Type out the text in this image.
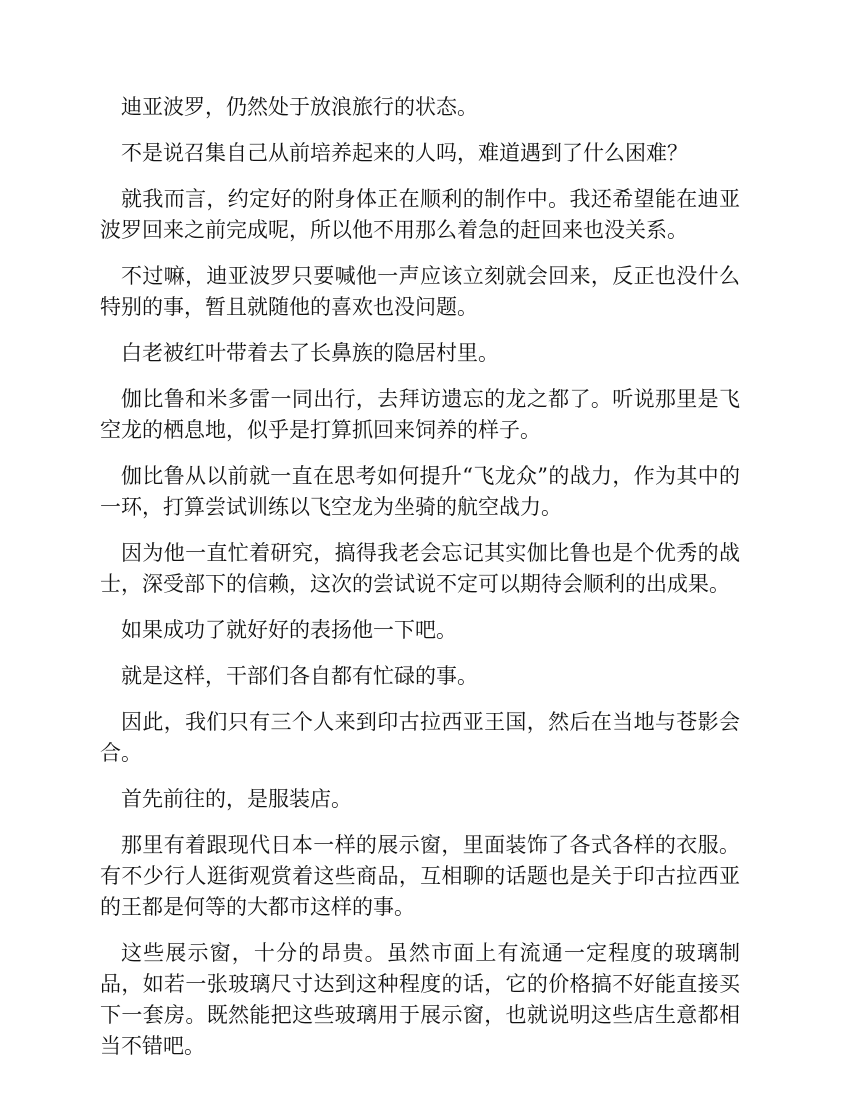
迪亚波罗，仍然处于放浪旅行的状态。

不是说召集自己从前培养起来的人吗，难道遇到了什么困难？

就我而言，约定好的附身体正在顺利的制作中。我还希望能在迪亚波罗回来之前完成呢，所以他不用那么着急的赶回来也没关系。

不过嘛，迪亚波罗只要喊他一声应该立刻就会回来，反正也没什么特别的事，暂且就随他的喜欢也没问题。

白老被红叶带着去了长鼻族的隐居村里。

伽比鲁和米多雷一同出行，去拜访遗忘的龙之都了。听说那里是飞空龙的栖息地，似乎是打算抓回来饲养的样子。

伽比鲁从以前就一直在思考如何提升“飞龙众”的战力，作为其中的一环，打算尝试训练以飞空龙为坐骑的航空战力。

因为他一直忙着研究，搞得我老会忘记其实伽比鲁也是个优秀的战士，深受部下的信赖，这次的尝试说不定可以期待会顺利的出成果。

如果成功了就好好的表扬他一下吧。

就是这样，干部们各自都有忙碌的事。

因此，我们只有三个人来到印古拉西亚王国，然后在当地与苍影会合。

首先前往的，是服装店。

那里有着跟现代日本一样的展示窗，里面装饰了各式各样的衣服。有不少行人逛街观赏着这些商品，互相聊的话题也是关于印古拉西亚的王都是何等的大都市这样的事。

这些展示窗，十分的昂贵。虽然市面上有流通一定程度的玻璃制品，如若一张玻璃尺寸达到这种程度的话，它的价格搞不好能直接买下一套房。既然能把这些玻璃用于展示窗，也就说明这些店生意都相当不错吧。
